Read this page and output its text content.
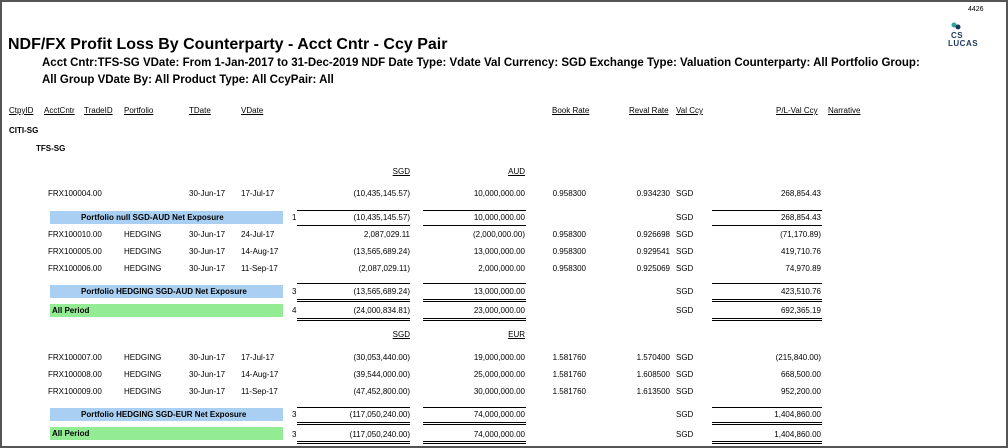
4426
CS
LUCAS
NDF/FX Profit Loss By Counterparty - Acct Cntr - Ccy Pair
Acct Cntr:TFS-SG VDate: From 1-Jan-2017 to 31-Dec-2019 NDF Date Type: Vdate Val Currency: SGD Exchange Type: Valuation Counterparty: All Portfolio Group:
All Group VDate By: All Product Type: All CcyPair: All
CtpyID AcctCntr TradeID Portfolio	TDate	VDate	Book Rate	Reval Rate Val Ccy	P/L-Val Ccy Narrative
CITI-SG
TFS-SG
SGD	AUD
FRX100004.00	30-Jun-17 17-Jul-17	(10,435,145.57)	10,000,000.00	0.958300	0.934230 SGD	268,854.43
Portfolio null SGD-AUD Net Exposure	1	(10,435,145.57)	10,000,000.00	SGD	268,854.43
FRX100010.00	HEDGING	30-Jun-17 24-Jul-17	2,087,029.11	(2,000,000.00)	0.958300	0.926698 SGD	(71,170.89)
FRX100005.00	HEDGING	30-Jun-17 14-Aug-17	(13,565,689.24)	13,000,000.00	0.958300	0.929541 SGD	419,710.76
FRX100006.00	HEDGING	30-Jun-17 11-Sep-17	(2,087,029.11)	2,000,000.00	0.958300	0.925069 SGD	74,970.89
Portfolio HEDGING SGD-AUD Net Exposure	3	(13,565,689.24)	13,000,000.00	SGD	423,510.76
All Period	4	(24,000,834.81)	23,000,000.00	SGD	692,365.19
SGD	EUR
FRX100007.00	HEDGING	30-Jun-17 17-Jul-17	(30,053,440.00)	19,000,000.00	1.581760	1.570400 SGD	(215,840.00)
FRX100008.00	HEDGING	30-Jun-17 14-Aug-17	(39,544,000.00)	25,000,000.00	1.581760	1.608500 SGD	668,500.00
FRX100009.00	HEDGING	30-Jun-17 11-Sep-17	(47,452,800.00)	30,000,000.00	1.581760	1.613500 SGD	952,200.00
Portfolio HEDGING SGD-EUR Net Exposure	3	(117,050,240.00)	74,000,000.00	SGD	1,404,860.00
All Period	3	(117,050,240.00)	74,000,000.00	SGD	1,404,860.00
